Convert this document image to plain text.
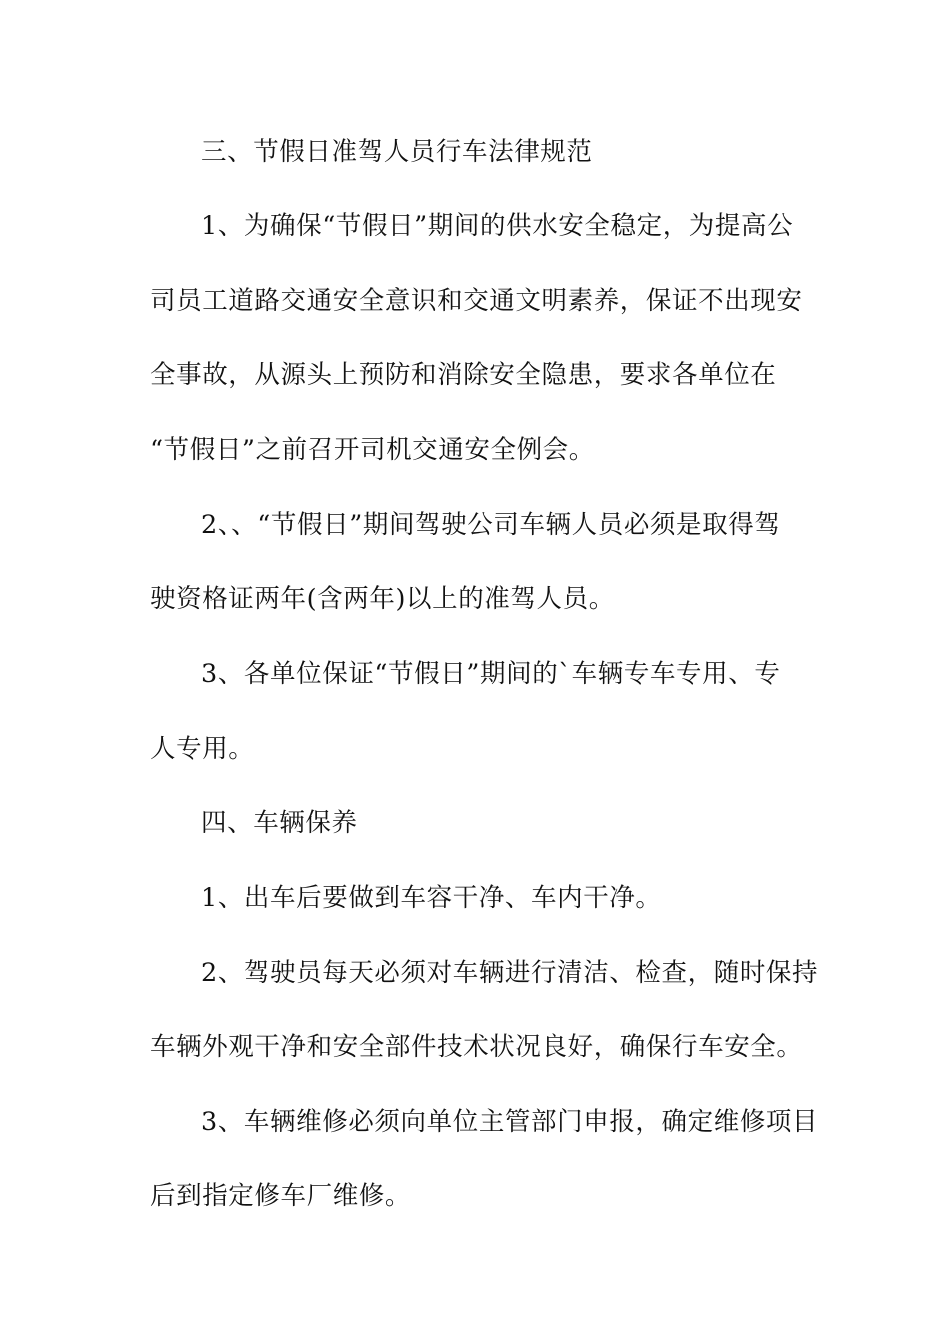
三、节假日准驾人员行车法律规范
1、为确保“节假日”期间的供水安全稳定，为提高公
司员工道路交通安全意识和交通文明素养，保证不出现安
全事故，从源头上预防和消除安全隐患，要求各单位在
“节假日”之前召开司机交通安全例会。
2、、“节假日”期间驾驶公司车辆人员必须是取得驾
驶资格证两年(含两年)以上的准驾人员。
3、各单位保证“节假日”期间的`车辆专车专用、专
人专用。
四、车辆保养
1、出车后要做到车容干净、车内干净。
2、驾驶员每天必须对车辆进行清洁、检查，随时保持
车辆外观干净和安全部件技术状况良好，确保行车安全。
3、车辆维修必须向单位主管部门申报，确定维修项目
后到指定修车厂维修。
